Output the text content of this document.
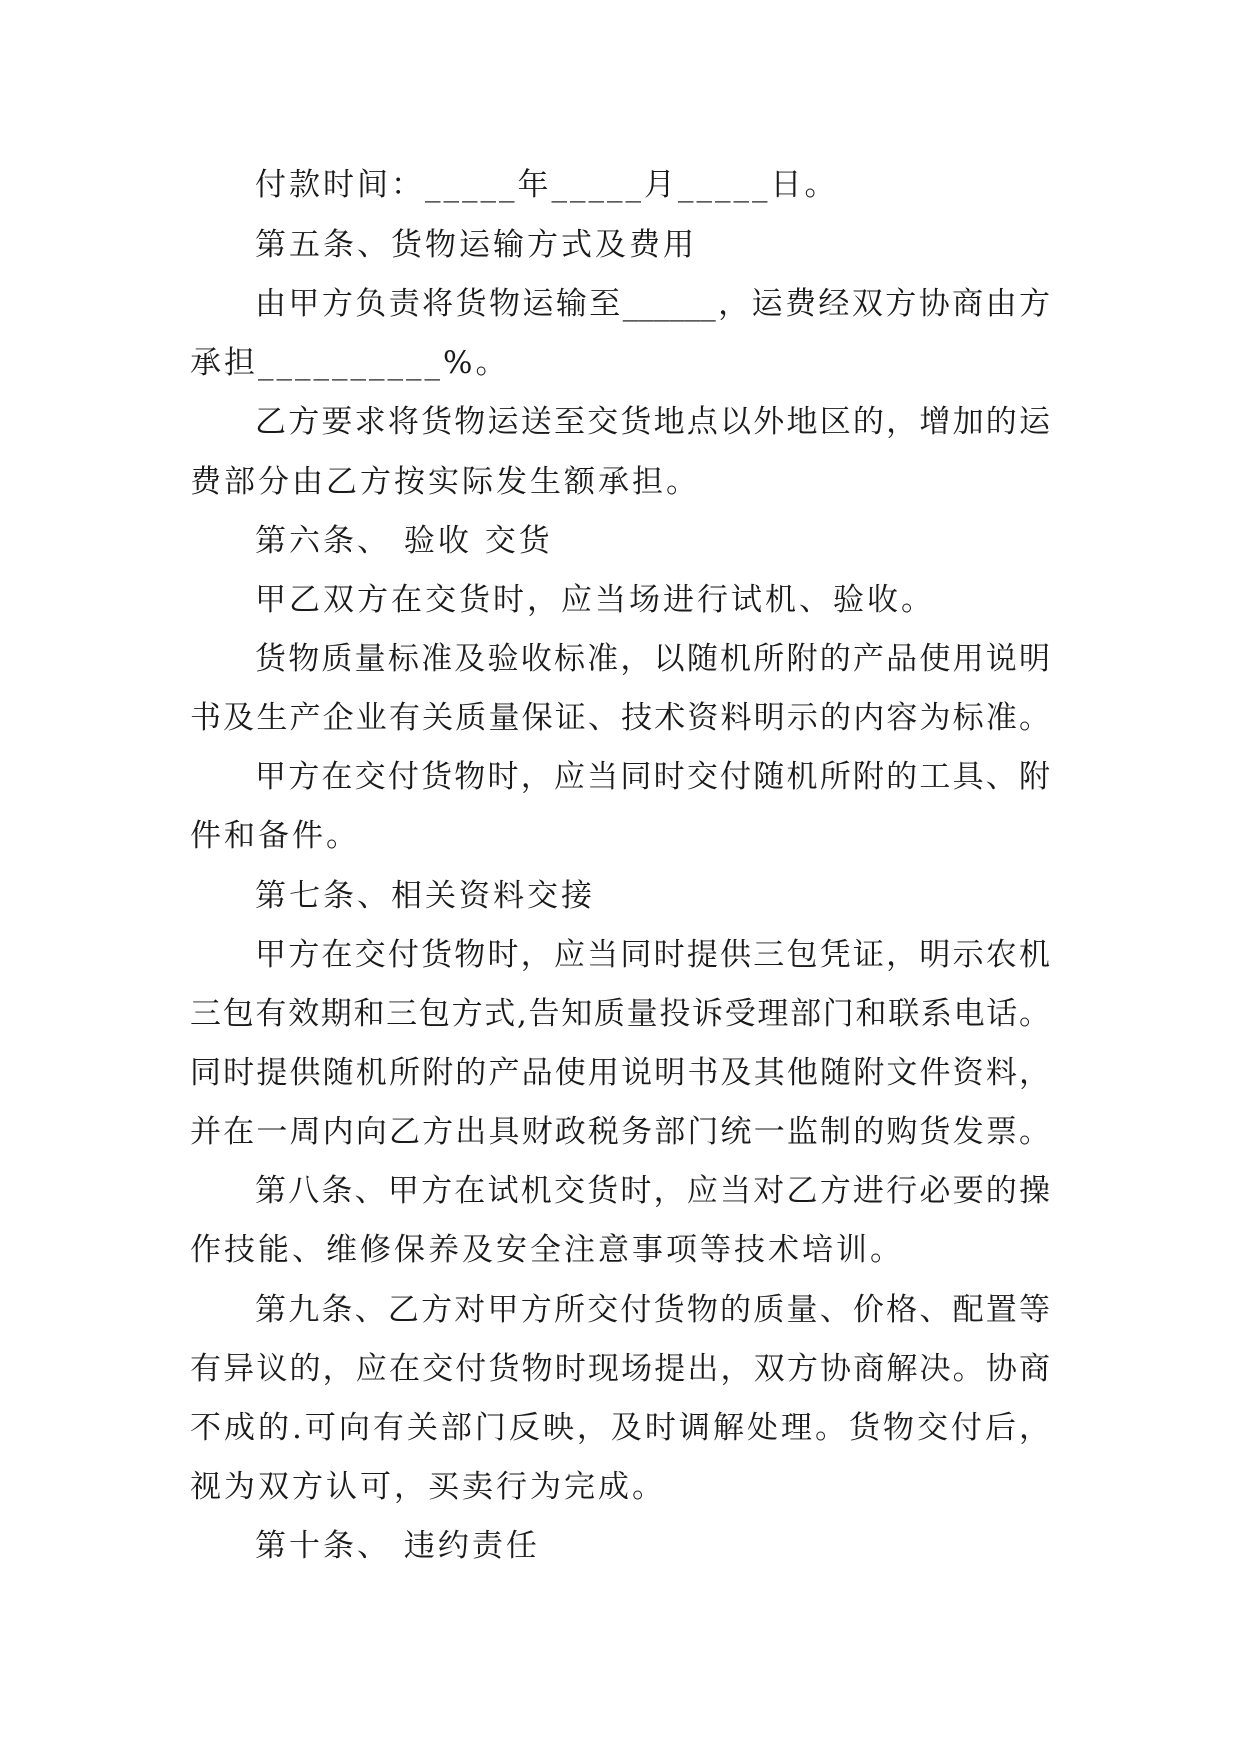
付款时间：_____年_____月_____日。
第五条、货物运输方式及费用
由甲方负责将货物运输至______，运费经双方协商由方
承担__________%。
乙方要求将货物运送至交货地点以外地区的，增加的运
费部分由乙方按实际发生额承担。
第六条、 验收 交货
甲乙双方在交货时，应当场进行试机、验收。
货物质量标准及验收标准，以随机所附的产品使用说明
书及生产企业有关质量保证、技术资料明示的内容为标准。
甲方在交付货物时，应当同时交付随机所附的工具、附
件和备件。
第七条、相关资料交接
甲方在交付货物时，应当同时提供三包凭证，明示农机
三包有效期和三包方式,告知质量投诉受理部门和联系电话。
同时提供随机所附的产品使用说明书及其他随附文件资料，
并在一周内向乙方出具财政税务部门统一监制的购货发票。
第八条、甲方在试机交货时，应当对乙方进行必要的操
作技能、维修保养及安全注意事项等技术培训。
第九条、乙方对甲方所交付货物的质量、价格、配置等
有异议的，应在交付货物时现场提出，双方协商解决。协商
不成的.可向有关部门反映，及时调解处理。货物交付后，
视为双方认可，买卖行为完成。
第十条、 违约责任
